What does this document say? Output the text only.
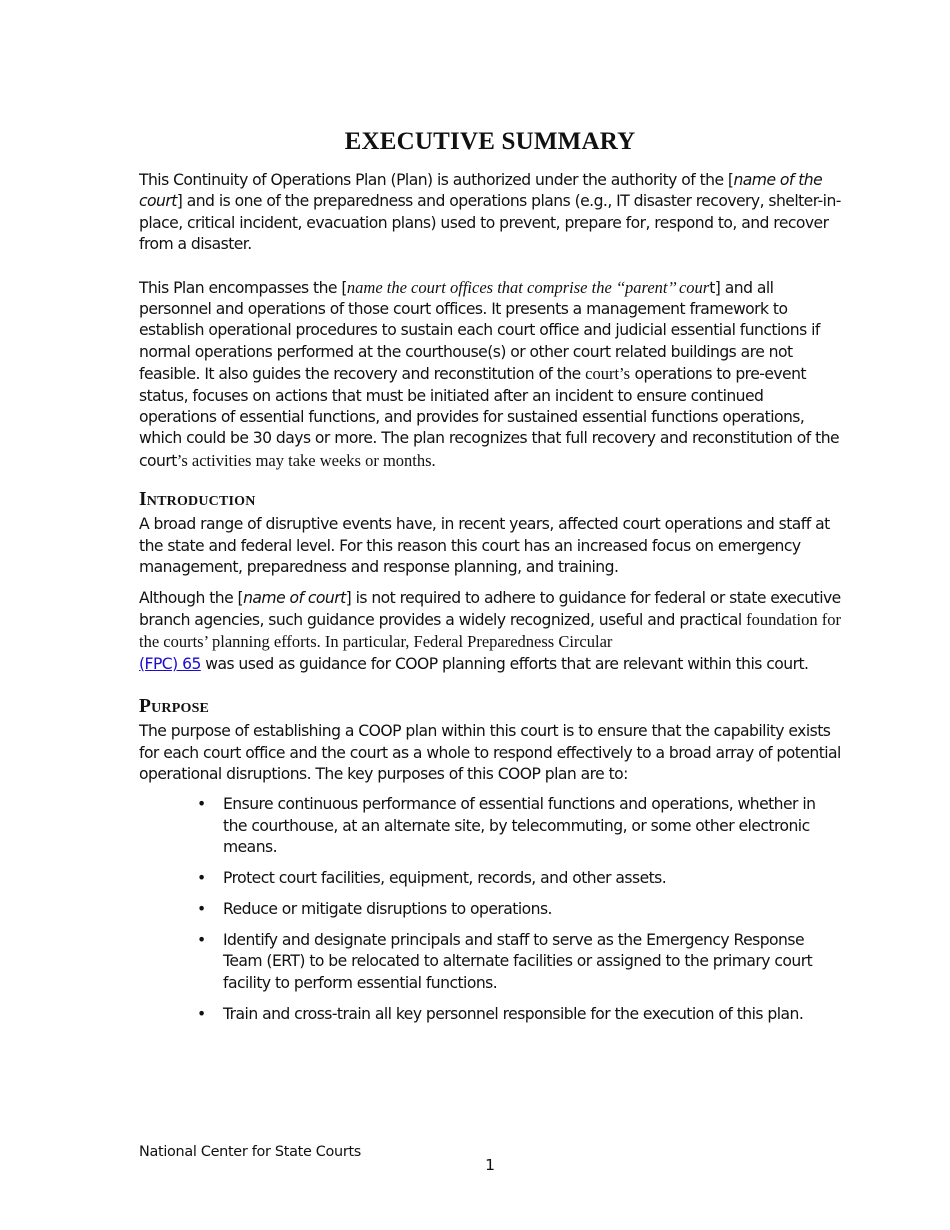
EXECUTIVE SUMMARY

This Continuity of Operations Plan (Plan) is authorized under the authority of the [name of the court] and is one of the preparedness and operations plans (e.g., IT disaster recovery, shelter-in-place, critical incident, evacuation plans) used to prevent, prepare for, respond to, and recover from a disaster.

This Plan encompasses the [name the court offices that comprise the ‘‘parent’’ court] and all personnel and operations of those court offices. It presents a management framework to establish operational procedures to sustain each court office and judicial essential functions if normal operations performed at the courthouse(s) or other court related buildings are not feasible. It also guides the recovery and reconstitution of the court’s operations to pre-event status, focuses on actions that must be initiated after an incident to ensure continued operations of essential functions, and provides for sustained essential functions operations, which could be 30 days or more. The plan recognizes that full recovery and reconstitution of the court’s activities may take weeks or months.

Introduction

A broad range of disruptive events have, in recent years, affected court operations and staff at the state and federal level. For this reason this court has an increased focus on emergency management, preparedness and response planning, and training.

Although the [name of court] is not required to adhere to guidance for federal or state executive branch agencies, such guidance provides a widely recognized, useful and practical foundation for the courts’ planning efforts. In particular, Federal Preparedness Circular
(FPC) 65 was used as guidance for COOP planning efforts that are relevant within this court.

Purpose

The purpose of establishing a COOP plan within this court is to ensure that the capability exists for each court office and the court as a whole to respond effectively to a broad array of potential operational disruptions. The key purposes of this COOP plan are to:

• Ensure continuous performance of essential functions and operations, whether in the courthouse, at an alternate site, by telecommuting, or some other electronic means.
• Protect court facilities, equipment, records, and other assets.
• Reduce or mitigate disruptions to operations.
• Identify and designate principals and staff to serve as the Emergency Response Team (ERT) to be relocated to alternate facilities or assigned to the primary court facility to perform essential functions.
• Train and cross-train all key personnel responsible for the execution of this plan.
National Center for State Courts
1
